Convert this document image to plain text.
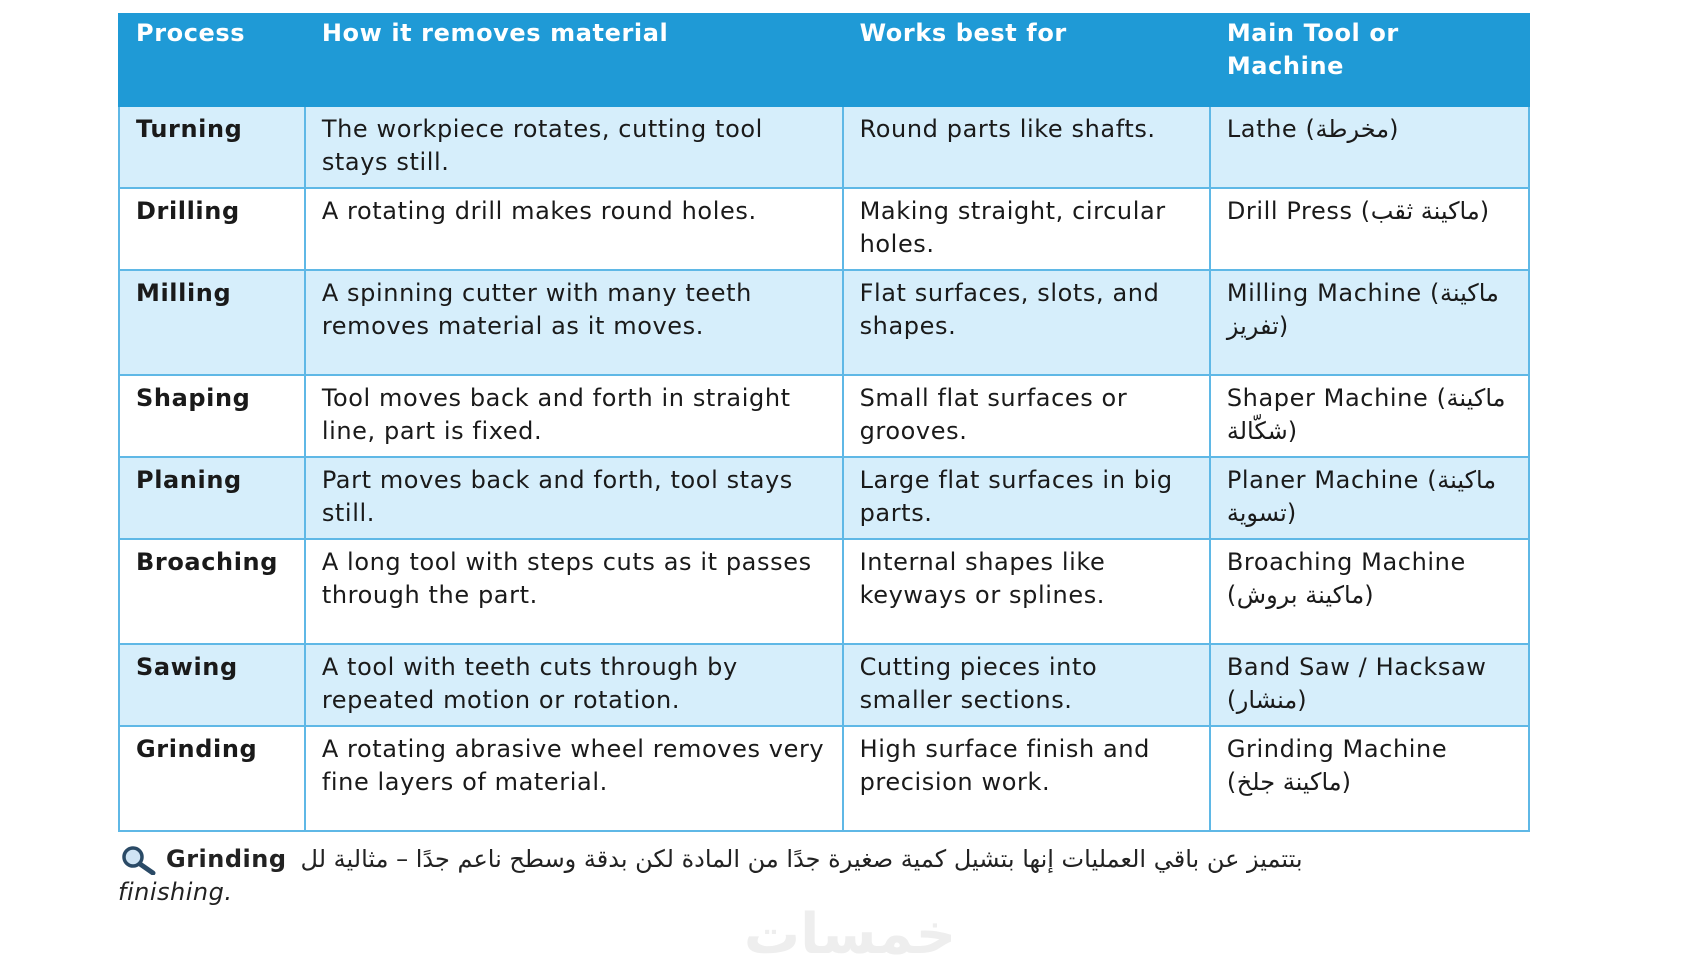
Process	How it removes material	Works best for	Main Tool or Machine
Turning	The workpiece rotates, cutting tool stays still.	Round parts like shafts.	Lathe (مخرطة)
Drilling	A rotating drill makes round holes.	Making straight, circular holes.	Drill Press (ماكينة ثقب)
Milling	A spinning cutter with many teeth removes material as it moves.	Flat surfaces, slots, and shapes.	Milling Machine (ماكينة تفريز)
Shaping	Tool moves back and forth in straight line, part is fixed.	Small flat surfaces or grooves.	Shaper Machine (ماكينة شكّالة)
Planing	Part moves back and forth, tool stays still.	Large flat surfaces in big parts.	Planer Machine (ماكينة تسوية)
Broaching	A long tool with steps cuts as it passes through the part.	Internal shapes like keyways or splines.	Broaching Machine (ماكينة بروش)
Sawing	A tool with teeth cuts through by repeated motion or rotation.	Cutting pieces into smaller sections.	Band Saw / Hacksaw (منشار)
Grinding	A rotating abrasive wheel removes very fine layers of material.	High surface finish and precision work.	Grinding Machine (ماكينة جلخ)
Grinding بتتميز عن باقي العمليات إنها بتشيل كمية صغيرة جدًا من المادة لكن بدقة وسطح ناعم جدًا – مثالية لل
finishing.
خمسات
